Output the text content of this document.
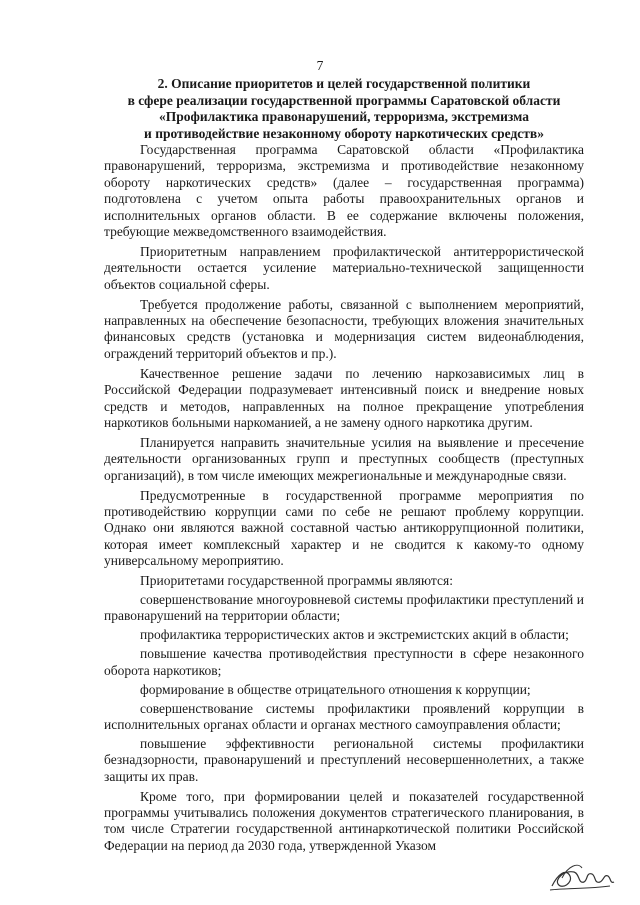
7
2. Описание приоритетов и целей государственной политики
в сфере реализации государственной программы Саратовской области
«Профилактика правонарушений, терроризма, экстремизма
и противодействие незаконному обороту наркотических средств»

Государственная программа Саратовской области «Профилактика правонарушений, терроризма, экстремизма и противодействие незаконному обороту наркотических средств» (далее – государственная программа) подготовлена с учетом опыта работы правоохранительных органов и исполнительных органов области. В ее содержание включены положения, требующие межведомственного взаимодействия.

Приоритетным направлением профилактической антитеррористической деятельности остается усиление материально-технической защищенности объектов социальной сферы.

Требуется продолжение работы, связанной с выполнением мероприятий, направленных на обеспечение безопасности, требующих вложения значительных финансовых средств (установка и модернизация систем видеонаблюдения, ограждений территорий объектов и пр.).

Качественное решение задачи по лечению наркозависимых лиц в Российской Федерации подразумевает интенсивный поиск и внедрение новых средств и методов, направленных на полное прекращение употребления наркотиков больными наркоманией, а не замену одного наркотика другим.

Планируется направить значительные усилия на выявление и пресечение деятельности организованных групп и преступных сообществ (преступных организаций), в том числе имеющих межрегиональные и международные связи.

Предусмотренные в государственной программе мероприятия по противодействию коррупции сами по себе не решают проблему коррупции. Однако они являются важной составной частью антикоррупционной политики, которая имеет комплексный характер и не сводится к какому-то одному универсальному мероприятию.

Приоритетами государственной программы являются:

совершенствование многоуровневой системы профилактики преступлений и правонарушений на территории области;

профилактика террористических актов и экстремистских акций в области;

повышение качества противодействия преступности в сфере незаконного оборота наркотиков;

формирование в обществе отрицательного отношения к коррупции;

совершенствование системы профилактики проявлений коррупции в исполнительных органах области и органах местного самоуправления области;

повышение эффективности региональной системы профилактики безнадзорности, правонарушений и преступлений несовершеннолетних, а также защиты их прав.

Кроме того, при формировании целей и показателей государственной программы учитывались положения документов стратегического планирования, в том числе Стратегии государственной антинаркотической политики Российской Федерации на период да 2030 года, утвержденной Указом
